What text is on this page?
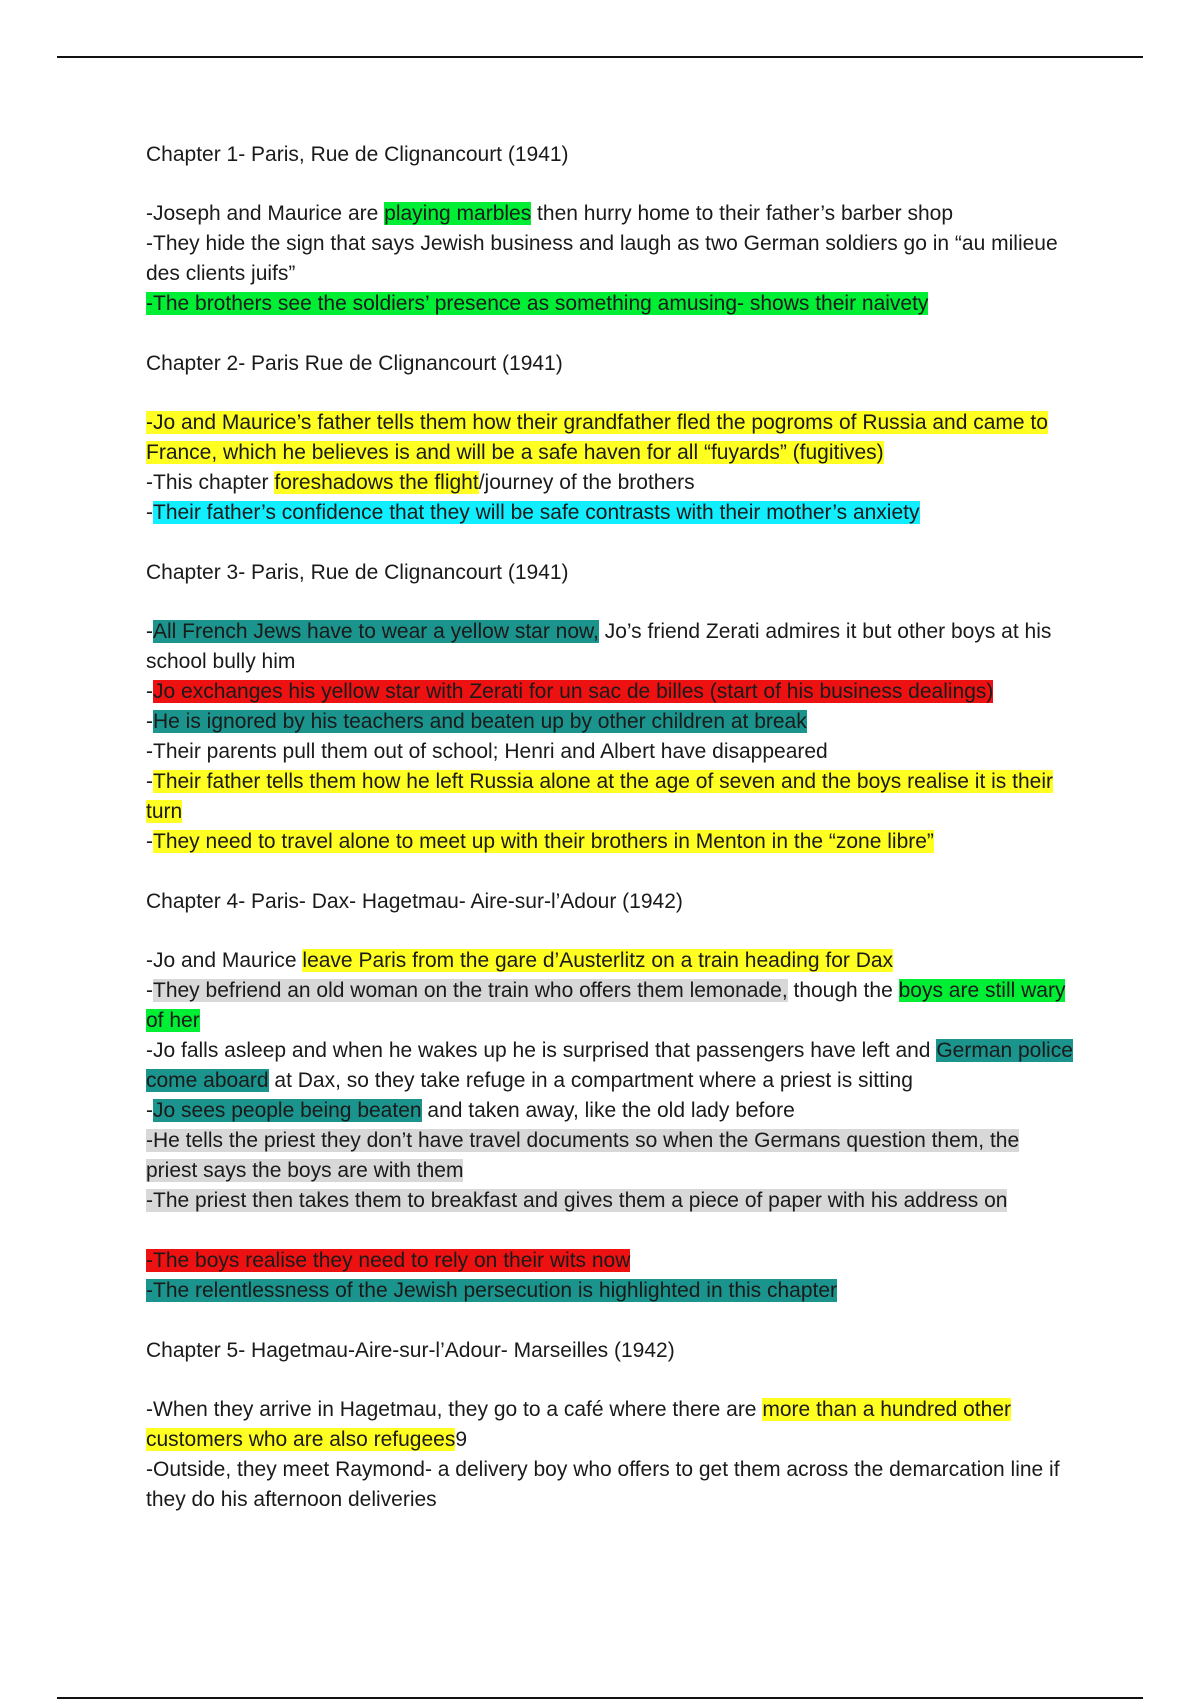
Chapter 1- Paris, Rue de Clignancourt (1941)

-Joseph and Maurice are playing marbles then hurry home to their father’s barber shop

-They hide the sign that says Jewish business and laugh as two German soldiers go in “au milieue des clients juifs”

-The brothers see the soldiers’ presence as something amusing- shows their naivety

Chapter 2- Paris Rue de Clignancourt (1941)

-Jo and Maurice’s father tells them how their grandfather fled the pogroms of Russia and came to France, which he believes is and will be a safe haven for all “fuyards” (fugitives)

-This chapter foreshadows the flight/journey of the brothers

-Their father’s confidence that they will be safe contrasts with their mother’s anxiety

Chapter 3- Paris, Rue de Clignancourt (1941)

-All French Jews have to wear a yellow star now, Jo’s friend Zerati admires it but other boys at his school bully him

-Jo exchanges his yellow star with Zerati for un sac de billes (start of his business dealings)

-He is ignored by his teachers and beaten up by other children at break

-Their parents pull them out of school; Henri and Albert have disappeared

-Their father tells them how he left Russia alone at the age of seven and the boys realise it is their turn

-They need to travel alone to meet up with their brothers in Menton in the “zone libre”

Chapter 4- Paris- Dax- Hagetmau- Aire-sur-l’Adour (1942)

-Jo and Maurice leave Paris from the gare d’Austerlitz on a train heading for Dax

-They befriend an old woman on the train who offers them lemonade, though the boys are still wary of her

-Jo falls asleep and when he wakes up he is surprised that passengers have left and German police come aboard at Dax, so they take refuge in a compartment where a priest is sitting

-Jo sees people being beaten and taken away, like the old lady before

-He tells the priest they don’t have travel documents so when the Germans question them, the priest says the boys are with them

-The priest then takes them to breakfast and gives them a piece of paper with his address on

-The boys realise they need to rely on their wits now

-The relentlessness of the Jewish persecution is highlighted in this chapter

Chapter 5- Hagetmau-Aire-sur-l’Adour- Marseilles (1942)

-When they arrive in Hagetmau, they go to a café where there are more than a hundred other customers who are also refugees9

-Outside, they meet Raymond- a delivery boy who offers to get them across the demarcation line if they do his afternoon deliveries
